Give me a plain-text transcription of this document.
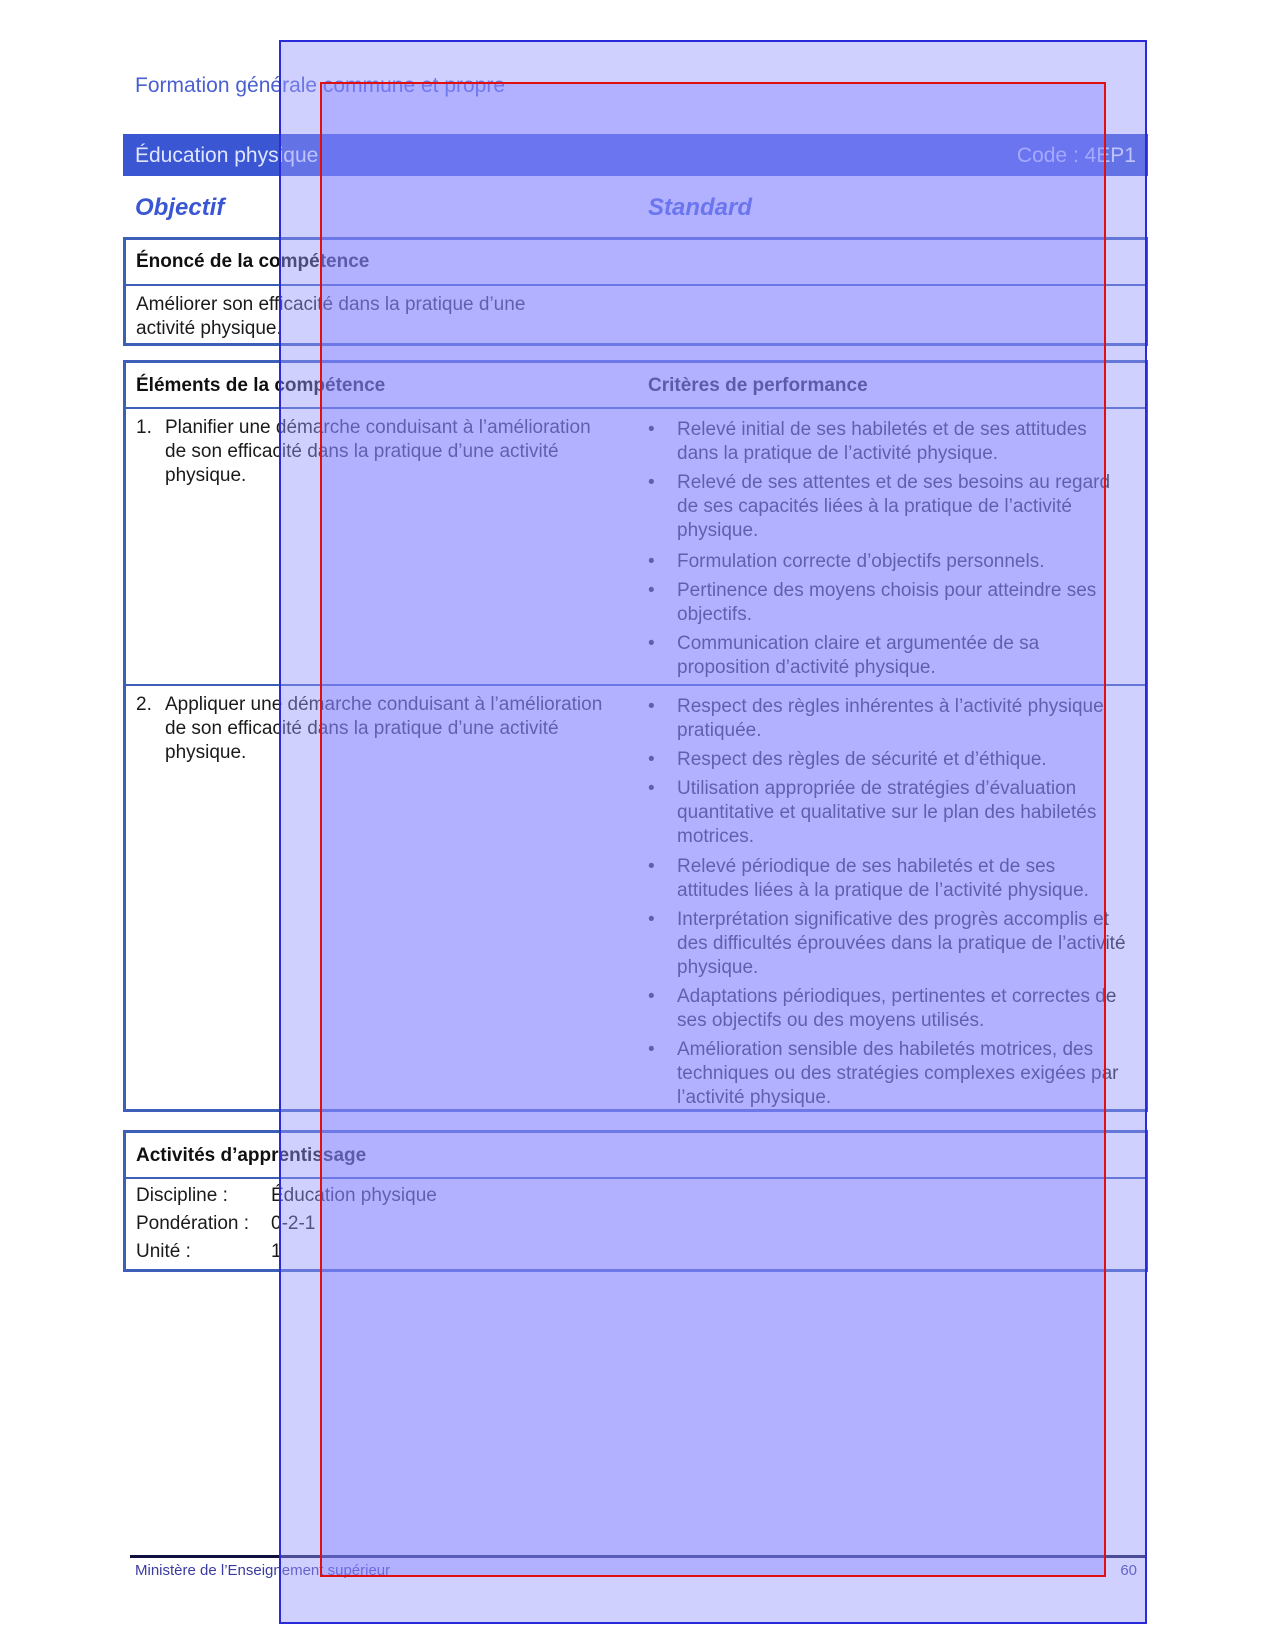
Formation générale commune et propre
Éducation physique	Code : 4EP1
Objectif	Standard
Énoncé de la compétence
Améliorer son efficacité dans la pratique d’une
activité physique.
Éléments de la compétence	Critères de performance
1. Planifier une démarche conduisant à l’amélioration de son efficacité dans la pratique d’une activité physique.
• Relevé initial de ses habiletés et de ses attitudes dans la pratique de l’activité physique.
• Relevé de ses attentes et de ses besoins au regard de ses capacités liées à la pratique de l’activité physique.
• Formulation correcte d’objectifs personnels.
• Pertinence des moyens choisis pour atteindre ses objectifs.
• Communication claire et argumentée de sa proposition d’activité physique.
2. Appliquer une démarche conduisant à l’amélioration de son efficacité dans la pratique d’une activité physique.
• Respect des règles inhérentes à l’activité physique pratiquée.
• Respect des règles de sécurité et d’éthique.
• Utilisation appropriée de stratégies d’évaluation quantitative et qualitative sur le plan des habiletés motrices.
• Relevé périodique de ses habiletés et de ses attitudes liées à la pratique de l’activité physique.
• Interprétation significative des progrès accomplis et des difficultés éprouvées dans la pratique de l’activité physique.
• Adaptations périodiques, pertinentes et correctes de ses objectifs ou des moyens utilisés.
• Amélioration sensible des habiletés motrices, des techniques ou des stratégies complexes exigées par l’activité physique.
Activités d’apprentissage
Discipline :	Éducation physique
Pondération :	0-2-1
Unité :	1
Ministère de l’Enseignement supérieur	60
